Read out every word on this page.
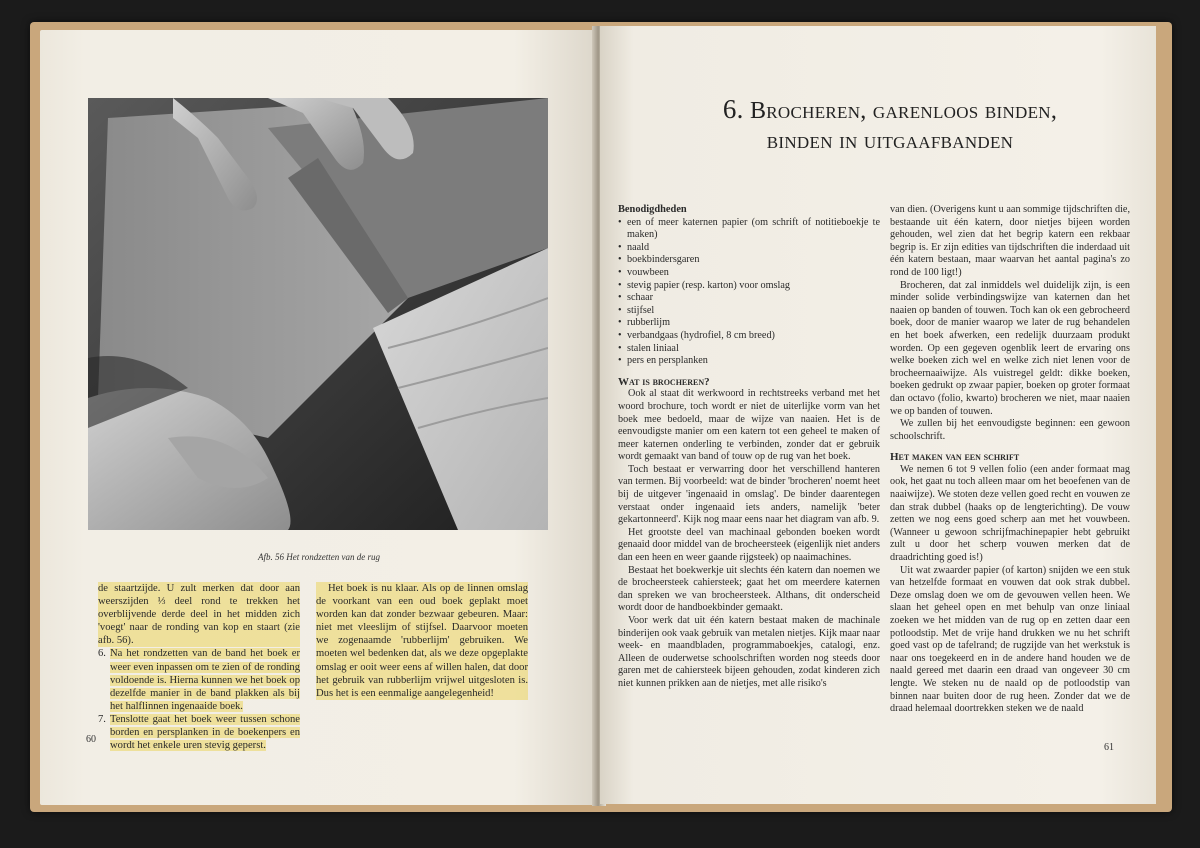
Afb. 56 Het rondzetten van de rug

de staartzijde. U zult merken dat door aan weerszijden ⅓ deel rond te trekken het overblijvende derde deel in het midden zich 'voegt' naar de ronding van kop en staart (zie afb. 56).

6. Na het rondzetten van de band het boek er weer even inpassen om te zien of de ronding voldoende is. Hierna kunnen we het boek op dezelfde manier in de band plakken als bij het halflinnen ingenaaide boek.

7. Tenslotte gaat het boek weer tussen schone borden en persplanken in de boekenpers en wordt het enkele uren stevig geperst.

Het boek is nu klaar. Als op de linnen omslag de voorkant van een oud boek geplakt moet worden kan dat zonder bezwaar gebeuren. Maar: niet met vleeslijm of stijfsel. Daarvoor moeten we zogenaamde 'rubberlijm' gebruiken. We moeten wel bedenken dat, als we deze opgeplakte omslag er ooit weer eens af willen halen, dat door het gebruik van rubberlijm vrijwel uitgesloten is. Dus het is een eenmalige aangelegenheid!

60
6. Brocheren, garenloos binden,
binden in uitgaafbanden
Benodigdheden
• een of meer katernen papier (om schrift of notitieboekje te maken)
• naald
• boekbindersgaren
• vouwbeen
• stevig papier (resp. karton) voor omslag
• schaar
• stijfsel
• rubberlijm
• verbandgaas (hydrofiel, 8 cm breed)
• stalen liniaal
• pers en persplanken
Wat is brocheren?

Ook al staat dit werkwoord in rechtstreeks verband met het woord brochure, toch wordt er niet de uiterlijke vorm van het boek mee bedoeld, maar de wijze van naaien. Het is de eenvoudigste manier om een katern tot een geheel te maken of meer katernen onderling te verbinden, zonder dat er gebruik wordt gemaakt van band of touw op de rug van het boek.

Toch bestaat er verwarring door het verschillend hanteren van termen. Bij voorbeeld: wat de binder 'brocheren' noemt heet bij de uitgever 'ingenaaid in omslag'. De binder daarentegen verstaat onder ingenaaid iets anders, namelijk 'beter gekartonneerd'. Kijk nog maar eens naar het diagram van afb. 9.

Het grootste deel van machinaal gebonden boeken wordt genaaid door middel van de brocheersteek (eigenlijk niet anders dan een heen en weer gaande rijgsteek) op naaimachines.

Bestaat het boekwerkje uit slechts één katern dan noemen we de brocheersteek cahiersteek; gaat het om meerdere katernen dan spreken we van brocheersteek. Althans, dit onderscheid wordt door de handboekbinder gemaakt.

Voor werk dat uit één katern bestaat maken de machinale binderijen ook vaak gebruik van metalen nietjes. Kijk maar naar week- en maandbladen, programmaboekjes, catalogi, enz. Alleen de ouderwetse schoolschriften worden nog steeds door garen met de cahiersteek bijeen gehouden, zodat kinderen zich niet kunnen prikken aan de nietjes, met alle risiko's

van dien. (Overigens kunt u aan sommige tijdschriften die, bestaande uit één katern, door nietjes bijeen worden gehouden, wel zien dat het begrip katern een rekbaar begrip is. Er zijn edities van tijdschriften die inderdaad uit één katern bestaan, maar waarvan het aantal pagina's zo rond de 100 ligt!)

Brocheren, dat zal inmiddels wel duidelijk zijn, is een minder solide verbindingswijze van katernen dan het naaien op banden of touwen. Toch kan ok een gebrocheerd boek, door de manier waarop we later de rug behandelen en het boek afwerken, een redelijk duurzaam produkt worden. Op een gegeven ogenblik leert de ervaring ons welke boeken zich wel en welke zich niet lenen voor de brocheernaaiwijze. Als vuistregel geldt: dikke boeken, boeken gedrukt op zwaar papier, boeken op groter formaat dan octavo (folio, kwarto) brocheren we niet, maar naaien we op banden of touwen.

We zullen bij het eenvoudigste beginnen: een gewoon schoolschrift.

Het maken van een schrift

We nemen 6 tot 9 vellen folio (een ander formaat mag ook, het gaat nu toch alleen maar om het beoefenen van de naaiwijze). We stoten deze vellen goed recht en vouwen ze dan strak dubbel (haaks op de lengterichting). De vouw zetten we nog eens goed scherp aan met het vouwbeen. (Wanneer u gewoon schrijfmachinepapier hebt gebruikt zult u door het scherp vouwen merken dat de draadrichting goed is!)

Uit wat zwaarder papier (of karton) snijden we een stuk van hetzelfde formaat en vouwen dat ook strak dubbel. Deze omslag doen we om de gevouwen vellen heen. We slaan het geheel open en met behulp van onze liniaal zoeken we het midden van de rug op en zetten daar een potloodstip. Met de vrije hand drukken we nu het schrift goed vast op de tafelrand; de rugzijde van het werkstuk is naar ons toegekeerd en in de andere hand houden we de naald gereed met daarin een draad van ongeveer 30 cm lengte. We steken nu de naald op de potloodstip van binnen naar buiten door de rug heen. Zonder dat we de draad helemaal doortrekken steken we de naald

61
